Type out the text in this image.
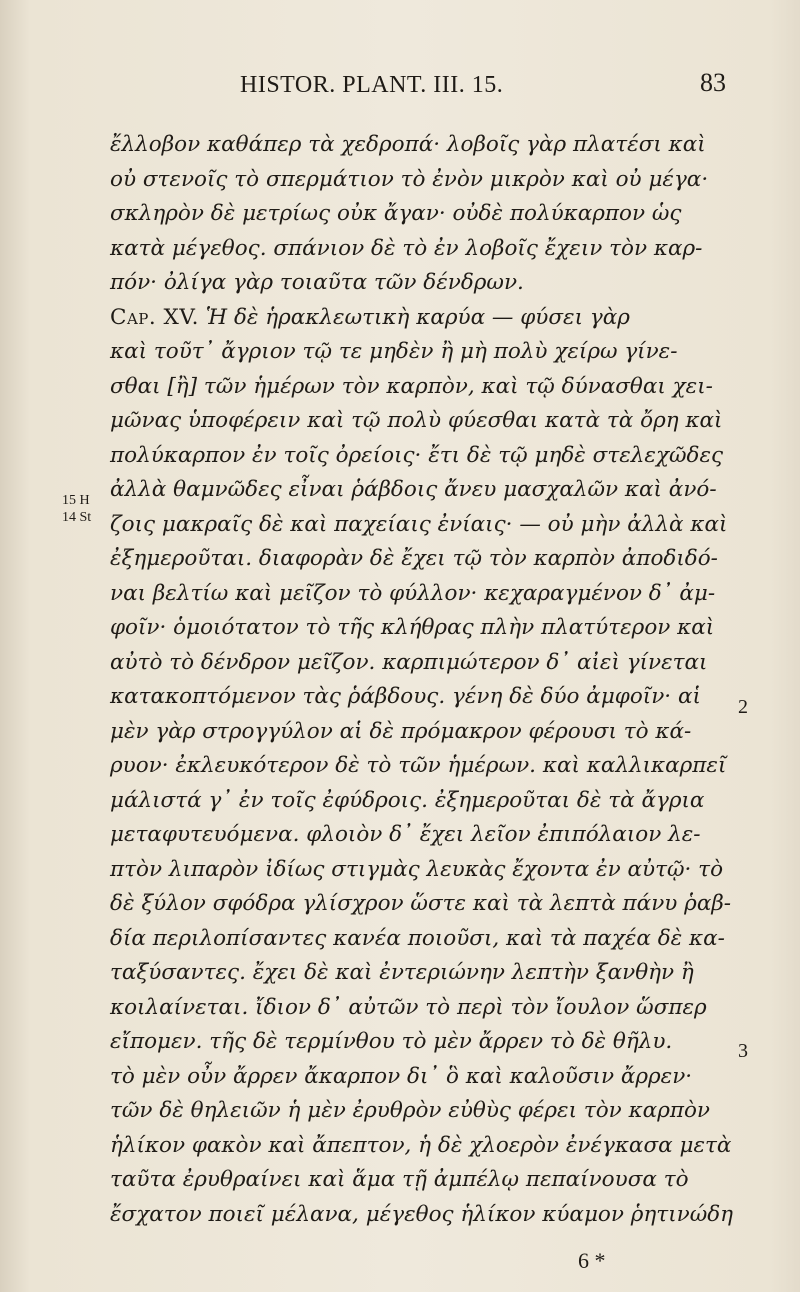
HISTOR. PLANT. III. 15.	83
15 H
14 St
2
3
ἔλλοβον καθάπερ τὰ χεδροπά· λοβοῖς γὰρ πλατέσι καὶ
οὐ στενοῖς τὸ σπερμάτιον τὸ ἐνὸν μικρὸν καὶ οὐ μέγα·
σκληρὸν δὲ μετρίως οὐκ ἄγαν· οὐδὲ πολύκαρπον ὡς
κατὰ μέγεθος. σπάνιον δὲ τὸ ἐν λοβοῖς ἔχειν τὸν καρ-
πόν· ὀλίγα γὰρ τοιαῦτα τῶν δένδρων.
Cap. XV. Ἡ δὲ ἡρακλεωτικὴ καρύα — φύσει γὰρ
καὶ τοῦτ᾽ ἄγριον τῷ τε μηδὲν ἢ μὴ πολὺ χείρω γίνε-
σθαι [ἢ] τῶν ἡμέρων τὸν καρπὸν, καὶ τῷ δύνασθαι χει-
μῶνας ὑποφέρειν καὶ τῷ πολὺ φύεσθαι κατὰ τὰ ὄρη καὶ
πολύκαρπον ἐν τοῖς ὀρείοις· ἔτι δὲ τῷ μηδὲ στελεχῶδες
ἀλλὰ θαμνῶδες εἶναι ῥάβδοις ἄνευ μασχαλῶν καὶ ἀνό-
ζοις μακραῖς δὲ καὶ παχείαις ἐνίαις· — οὐ μὴν ἀλλὰ καὶ
ἐξημεροῦται. διαφορὰν δὲ ἔχει τῷ τὸν καρπὸν ἀποδιδό-
ναι βελτίω καὶ μεῖζον τὸ φύλλον· κεχαραγμένον δ᾽ ἀμ-
φοῖν· ὁμοιότατον τὸ τῆς κλήθρας πλὴν πλατύτερον καὶ
αὐτὸ τὸ δένδρον μεῖζον. καρπιμώτερον δ᾽ αἰεὶ γίνεται
κατακοπτόμενον τὰς ῥάβδους. γένη δὲ δύο ἀμφοῖν· αἱ
μὲν γὰρ στρογγύλον αἱ δὲ πρόμακρον φέρουσι τὸ κά-
ρυον· ἐκλευκότερον δὲ τὸ τῶν ἡμέρων. καὶ καλλικαρπεῖ
μάλιστά γ᾽ ἐν τοῖς ἐφύδροις. ἐξημεροῦται δὲ τὰ ἄγρια
μεταφυτευόμενα. φλοιὸν δ᾽ ἔχει λεῖον ἐπιπόλαιον λε-
πτὸν λιπαρὸν ἰδίως στιγμὰς λευκὰς ἔχοντα ἐν αὐτῷ· τὸ
δὲ ξύλον σφόδρα γλίσχρον ὥστε καὶ τὰ λεπτὰ πάνυ ῥαβ-
δία περιλοπίσαντες κανέα ποιοῦσι, καὶ τὰ παχέα δὲ κα-
ταξύσαντες. ἔχει δὲ καὶ ἐντεριώνην λεπτὴν ξανθὴν ἢ
κοιλαίνεται. ἴδιον δ᾽ αὐτῶν τὸ περὶ τὸν ἴουλον ὥσπερ
εἴπομεν. τῆς δὲ τερμίνθου τὸ μὲν ἄρρεν τὸ δὲ θῆλυ.
τὸ μὲν οὖν ἄρρεν ἄκαρπον δι᾽ ὃ καὶ καλοῦσιν ἄρρεν·
τῶν δὲ θηλειῶν ἡ μὲν ἐρυθρὸν εὐθὺς φέρει τὸν καρπὸν
ἡλίκον φακὸν καὶ ἄπεπτον, ἡ δὲ χλοερὸν ἐνέγκασα μετὰ
ταῦτα ἐρυθραίνει καὶ ἅμα τῇ ἀμπέλῳ πεπαίνουσα τὸ
ἔσχατον ποιεῖ μέλανα, μέγεθος ἡλίκον κύαμον ῥητινώδη
6 *
